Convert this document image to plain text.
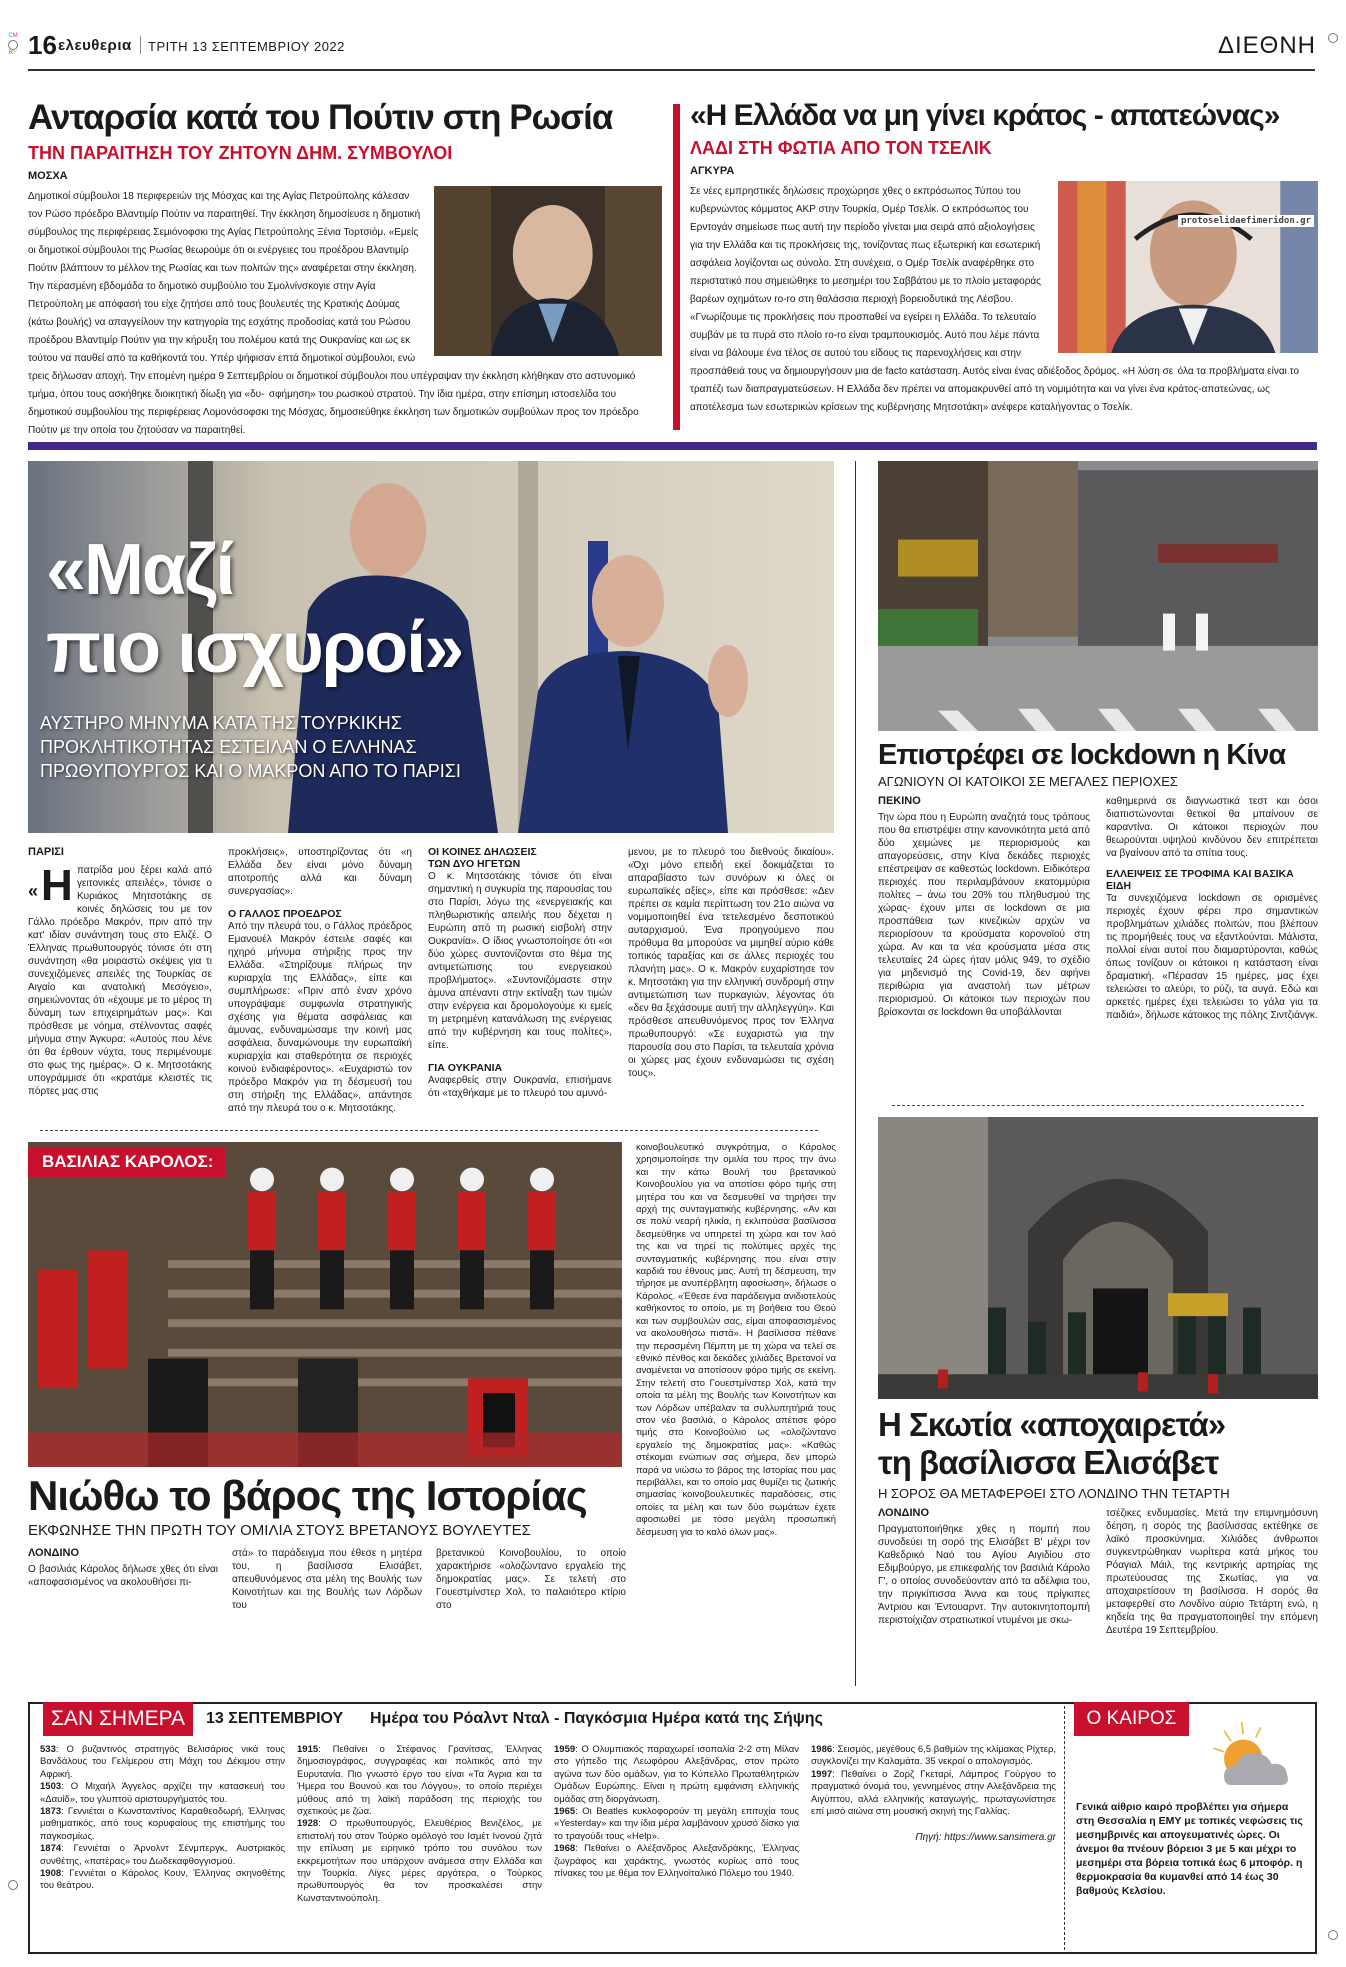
CM
KY 16 ελευθερια ΤΡΙΤΗ 13 ΣΕΠΤΕΜΒΡΙΟΥ 2022	ΔΙΕΘΝΗ
Ανταρσία κατά του Πούτιν στη Ρωσία
ΤΗΝ ΠΑΡΑΙΤΗΣΗ ΤΟΥ ΖΗΤΟΥΝ ΔΗΜ. ΣΥΜΒΟΥΛΟΙ
ΜΟΣΧΑ
Δημοτικοί σύμβουλοι 18 περιφερειών της Μόσχας και της Αγίας Πετρούπολης κάλεσαν τον Ρώσο πρόεδρο Βλαντιμίρ Πούτιν να παραιτηθεί. Την έκκληση δημοσίευσε η δημοτική σύμβουλος της περιφέρειας Σεμιόνοφσκι της Αγίας Πετρούπολης Ξένια Τορτσιόμ. «Εμείς οι δημοτικοί σύμβουλοι της Ρωσίας θεωρούμε ότι οι ενέργειες του προέδρου Βλαντιμίρ Πούτιν βλάπτουν το μέλλον της Ρωσίας και των πολιτών της» αναφέρεται στην έκκληση. Την περασμένη εβδομάδα το δημοτικό συμβούλιο του Σμολνίνσκογιε στην Αγία Πετρούπολη με απόφασή του είχε ζητήσει από τους βουλευτές της Κρατικής Δούμας (κάτω βουλής) να απαγγείλουν την κατηγορία της εσχάτης προδοσίας κατά του Ρώσου προέδρου Βλαντιμίρ Πούτιν για την κήρυξη του πολέμου κατά της Ουκρανίας και ως εκ τούτου να παυθεί από τα καθήκοντά του. Υπέρ ψήφισαν επτά δημοτικοί σύμβουλοι, ενώ τρεις δήλωσαν αποχή. Την επομένη ημέρα 9 Σεπτεμβρίου οι δημοτικοί σύμβουλοι που υπέγραψαν την έκκληση κλήθηκαν στο αστυνομικό τμήμα, όπου τους ασκήθηκε διοικητική δίωξη για «δυ- σφήμηση» του ρωσικού στρατού. Την ίδια ημέρα, στην επίσημη ιστοσελίδα του δημοτικού συμβουλίου της περιφέρειας Λομονόσοφσκι της Μόσχας, δημοσιεύθηκε έκκληση των δημοτικών συμβούλων προς τον πρόεδρο Πούτιν με την οποία του ζητούσαν να παραιτηθεί.
«Η Ελλάδα να μη γίνει κράτος - απατεώνας»
ΛΑΔΙ ΣΤΗ ΦΩΤΙΑ ΑΠΟ ΤΟΝ ΤΣΕΛΙΚ
ΑΓΚΥΡΑ
protoselidaefimeridon.gr
Σε νέες εμπρηστικές δηλώσεις προχώρησε χθες ο εκπρόσωπος Τύπου του κυβερνώντος κόμματος AKP στην Τουρκία, Ομέρ Τσελίκ. Ο εκπρόσωπος του Ερντογάν σημείωσε πως αυτή την περίοδο γίνεται μια σειρά από αξιολογήσεις για την Ελλάδα και τις προκλήσεις της, τονίζοντας πως εξωτερική και εσωτερική ασφάλεια λογίζονται ως σύνολο. Στη συνέχεια, ο Ομέρ Τσελίκ αναφέρθηκε στο περιστατικό που σημειώθηκε το μεσημέρι του Σαββάτου με το πλοίο μεταφοράς βαρέων οχημάτων ro-ro στη θαλάσσια περιοχή βορειοδυτικά της Λέσβου. «Γνωρίζουμε τις προκλήσεις που προσπαθεί να εγείρει η Ελλάδα. Το τελευταίο συμβάν με τα πυρά στο πλοίο ro-ro είναι τραμπουκισμός. Αυτό που λέμε πάντα είναι να βάλουμε ένα τέλος σε αυτού του είδους τις παρενοχλήσεις και στην προσπάθειά τους να δημιουργήσουν μια de facto κατάσταση. Αυτός είναι ένας αδιέξοδος δρόμος. «Η λύση σε όλα τα προβλήματα είναι το τραπέζι των διαπραγματεύσεων. Η Ελλάδα δεν πρέπει να απομακρυνθεί από τη νομιμότητα και να γίνει ένα κράτος-απατεώνας, ως αποτέλεσμα των εσωτερικών κρίσεων της κυβέρνησης Μητσοτάκη» ανέφερε καταλήγοντας ο Τσελίκ.
«Μαζί
πιο ισχυροί»
ΑΥΣΤΗΡΟ ΜΗΝΥΜΑ ΚΑΤΑ ΤΗΣ ΤΟΥΡΚΙΚΗΣ ΠΡΟΚΛΗΤΙΚΟΤΗΤΑΣ ΕΣΤΕΙΛΑΝ Ο ΕΛΛΗΝΑΣ ΠΡΩΘΥΠΟΥΡΓΟΣ ΚΑΙ Ο ΜΑΚΡΟΝ ΑΠΟ ΤΟ ΠΑΡΙΣΙ
ΠΑΡΙΣΙ
« Η πατρίδα μου ξέρει καλά από γειτονικές απειλές», τόνισε ο Κυριάκος Μητσοτάκης σε κοινές δηλώσεις του με τον Γάλλο πρόεδρο Μακρόν, πριν από την κατ' ιδίαν συνάντηση τους στο Ελιζέ. Ο Έλληνας πρωθυπουργός τόνισε ότι στη συνάντηση «θα μοιραστώ σκέψεις για τι συνεχιζόμενες απειλές της Τουρκίας σε Αιγαίο και ανατολική Μεσόγειο», σημειώνοντας ότι «έχουμε με το μέρος τη δύναμη των επιχειρημάτων μας». Και πρόσθεσε με νόημα, στέλνοντας σαφές μήνυμα στην Άγκυρα: «Αυτούς που λένε ότι θα έρθουν νύχτα, τους περιμένουμε στο φως της ημέρας». Ο κ. Μητσοτάκης υπογράμμισε ότι «κρατάμε κλειστές τις πόρτες μας στις
προκλήσεις», υποστηρίζοντας ότι «η Ελλάδα δεν είναι μόνο δύναμη αποτροπής αλλά και δύναμη συνεργασίας».
Ο ΓΑΛΛΟΣ ΠΡΟΕΔΡΟΣ
Από την πλευρά του, ο Γάλλος πρόεδρος Εμανουέλ Μακρόν έστειλε σαφές και ηχηρό μήνυμα στήριξης προς την Ελλάδα. «Στηρίζουμε πλήρως την κυριαρχία της Ελλάδας», είπε και συμπλήρωσε: «Πριν από έναν χρόνο υπογράψαμε συμφωνία στρατηγικής σχέσης για θέματα ασφάλειας και άμυνας, ενδυναμώσαμε την κοινή μας ασφάλεια, δυναμώνουμε την ευρωπαϊκή κυριαρχία και σταθερότητα σε περιοχές κοινού ενδιαφέροντος». «Ευχαριστώ τον πρόεδρο Μακρόν για τη δέσμευσή του στη στήριξη της Ελλάδας», απάντησε από την πλευρά του ο κ. Μητσοτάκης.
ΟΙ ΚΟΙΝΕΣ ΔΗΛΩΣΕΙΣ
ΤΩΝ ΔΥΟ ΗΓΕΤΩΝ
Ο κ. Μητσοτάκης τόνισε ότι είναι σημαντική η συγκυρία της παρουσίας του στο Παρίσι, λόγω της «ενεργειακής και πληθωριστικής απειλής που δέχεται η Ευρώπη από τη ρωσική εισβολή στην Ουκρανία». Ο ίδιος γνωστοποίησε ότι «οι δύο χώρες συντονίζονται στο θέμα της αντιμετώπισης του ενεργειακού προβλήματος». «Συντονιζόμαστε στην άμυνα απέναντι στην εκτίναξη των τιμών στην ενέργεια και δρομολογούμε κι εμείς τη μετρημένη κατανάλωση της ενέργειας από την κυβέρνηση και τους πολίτες», είπε.
ΓΙΑ ΟΥΚΡΑΝΙΑ
Αναφερθείς στην Ουκρανία, επισήμανε ότι «ταχθήκαμε με το πλευρό του αμυνό-
μενου, με το πλευρό του διεθνούς δικαίου». «Όχι μόνο επειδή εκεί δοκιμάζεται το απαραβίαστο των συνόρων κι όλες οι ευρωπαϊκές αξίες», είπε και πρόσθεσε: «Δεν πρέπει σε καμία περίπτωση τον 21ο αιώνα να νομιμοποιηθεί ένα τετελεσμένο δεσποτικού αυταρχισμού. Ένα προηγούμενο που πρόθυμα θα μπορούσε να μιμηθεί αύριο κάθε τοπικός ταραξίας και σε άλλες περιοχές του πλανήτη μας». Ο κ. Μακρόν ευχαρίστησε τον κ. Μητσοτάκη για την ελληνική συνδρομή στην αντιμετώπιση των πυρκαγιών, λέγοντας ότι «δεν θα ξεχάσουμε αυτή την αλληλεγγύη». Και πρόσθεσε απευθυνόμενος προς τον Έλληνα πρωθυπουργό: «Σε ευχαριστώ για την παρουσία σου στο Παρίσι, τα τελευταία χρόνια οι χώρες μας έχουν ενδυναμώσει τις σχέση τους».
Επιστρέφει σε lockdown η Κίνα
ΑΓΩΝΙΟΥΝ ΟΙ ΚΑΤΟΙΚΟΙ ΣΕ ΜΕΓΑΛΕΣ ΠΕΡΙΟΧΕΣ
ΠΕΚΙΝΟ
Την ώρα που η Ευρώπη αναζητά τους τρόπους που θα επιστρέψει στην κανονικότητα μετά από δύο χειμώνες με περιορισμούς και απαγορεύσεις, στην Κίνα δεκάδες περιοχές επέστρεψαν σε καθεστώς lockdown. Ειδικότερα περιοχές που περιλαμβάνουν εκατομμύρια πολίτες – άνω του 20% του πληθυσμού της χώρας- έχουν μπει σε lockdown σε μια προσπάθεια των κινεζικών αρχών να περιορίσουν τα κρούσματα κορονοϊού στη χώρα. Αν και τα νέα κρούσματα μέσα στις τελευταίες 24 ώρες ήταν μόλις 949, το σχέδιο για μηδενισμό της Covid-19, δεν αφήνει περιθώρια για αναστολή των μέτρων περιορισμού. Οι κάτοικοι των περιοχών που βρίσκονται σε lockdown θα υποβάλλονται
καθημερινά σε διαγνωστικά τεστ και όσοι διαπιστώνονται θετικοί θα μπαίνουν σε καραντίνα. Οι κάτοικοι περιοχών που θεωρούνται υψηλού κινδύνου δεν επιτρέπεται να βγαίνουν από τα σπίτια τους.
ΕΛΛΕΙΨΕΙΣ ΣΕ ΤΡΟΦΙΜΑ ΚΑΙ ΒΑΣΙΚΑ ΕΙΔΗ
Τα συνεχιζόμενα lockdown σε ορισμένες περιοχές έχουν φέρει προ σημαντικών προβλημάτων χιλιάδες πολιτών, που βλέπουν τις προμήθειές τους να εξαντλούνται. Μάλιστα, πολλοί είναι αυτοί που διαμαρτύρονται, καθώς όπως τονίζουν οι κάτοικοι η κατάσταση είναι δραματική. «Πέρασαν 15 ημέρες, μας έχει τελειώσει το αλεύρι, το ρύζι, τα αυγά. Εδώ και αρκετές ημέρες έχει τελειώσει το γάλα για τα παιδιά», δήλωσε κάτοικος της πόλης Σιντζιάνγκ.
ΒΑΣΙΛΙΑΣ ΚΑΡΟΛΟΣ:
κοινοβουλευτικό συγκρότημα, ο Κάρολος χρησιμοποίησε την ομιλία του προς την άνω και την κάτω Βουλή του βρετανικού Κοινοβουλίου για να αποτίσει φόρο τιμής στη μητέρα του και να δεσμευθεί να τηρήσει την αρχή της συνταγματικής κυβέρνησης. «Αν και σε πολύ νεαρή ηλικία, η εκλιπούσα βασίλισσα δεσμεύθηκε να υπηρετεί τη χώρα και τον λαό της και να τηρεί τις πολύτιμες αρχές της συνταγματικής κυβέρνησης που είναι στην καρδιά του έθνους μας. Αυτή τη δέσμευση, την τήρησε με ανυπέρβλητη αφοσίωση», δήλωσε ο Κάρολος. «Έθεσε ένα παράδειγμα ανιδιοτελούς καθήκοντος το οποίο, με τη βοήθεια του Θεού και των συμβουλών σας, είμαι αποφασισμένος να ακολουθήσω πιστά». Η βασίλισσα πέθανε την περασμένη Πέμπτη με τη χώρα να τελεί σε εθνικό πένθος και δεκάδες χιλιάδες Βρετανοί να αναμένεται να αποτίσουν φόρο τιμής σε εκείνη. Στην τελετή στο Γουεστμίνστερ Χολ, κατά την οποία τα μέλη της Βουλής των Κοινοτήτων και των Λόρδων υπέβαλαν τα συλλυπητήριά τους στον νέο βασιλιά, ο Κάρολος απέτισε φόρο τιμής στο Κοινοβούλιο ως «ολοζώντανο εργαλείο της δημοκρατίας μας». «Καθώς στέκομαι ενώπιων σας σήμερα, δεν μπορώ παρά να νιώσω το βάρος της Ιστορίας που μας περιβάλλει, και το οποίο μας θυμίζει τις ζωτικής σημασίας κοινοβουλευτικές παραδόσεις, στις οποίες τα μέλη και των δύο σωμάτων έχετε αφοσιωθεί με τόσο μεγάλη προσωπική δέσμευση για το καλό όλων μας».
Νιώθω το βάρος της Ιστορίας
ΕΚΦΩΝΗΣΕ ΤΗΝ ΠΡΩΤΗ ΤΟΥ ΟΜΙΛΙΑ ΣΤΟΥΣ ΒΡΕΤΑΝΟΥΣ ΒΟΥΛΕΥΤΕΣ
ΛΟΝΔΙΝΟ
Ο βασιλιάς Κάρολος δήλωσε χθες ότι είναι «αποφασισμένος να ακολουθήσει πι-
στά» το παράδειγμα που έθεσε η μητέρα του, η βασίλισσα Ελισάβετ, απευθυνόμενος στα μέλη της Βουλής των Κοινοτήτων και της Βουλής των Λόρδων του
βρετανικού Κοινοβουλίου, το οποίο χαρακτήρισε «ολοζώντανο εργαλείο της δημοκρατίας μας». Σε τελετή στο Γουεστμίνστερ Χολ, το παλαιότερο κτίριο στο
Η Σκωτία «αποχαιρετά»
τη βασίλισσα Ελισάβετ
Η ΣΟΡΟΣ ΘΑ ΜΕΤΑΦΕΡΘΕΙ ΣΤΟ ΛΟΝΔΙΝΟ ΤΗΝ ΤΕΤΑΡΤΗ
ΛΟΝΔΙΝΟ
Πραγματοποιήθηκε χθες η πομπή που συνοδεύει τη σορό της Ελισάβετ Β' μέχρι τον Καθεδρικό Ναό του Αγίου Αιγιδίου στο Εδιμβούργο, με επικεφαλής τον βασιλιά Κάρολο Γ', ο οποίος συνοδεύονταν από τα αδέλφια του, την πριγκίπισσα Άννα και τους πρίγκιπες Άντριου και Έντουαρντ. Την αυτοκινητοπομπή περιστοίχιζαν στρατιωτικοί ντυμένοι με σκω-
τσέζικες ενδυμασίες. Μετά την επιμνημόσυνη δέηση, η σορός της βασίλισσας εκτέθηκε σε λαϊκό προσκύνημα. Χιλιάδες άνθρωποι συγκεντρώθηκαν νωρίτερα κατά μήκος του Ρόαγιαλ Μάιλ, της κεντρικής αρτηρίας της πρωτεύουσας της Σκωτίας, για να αποχαιρετίσουν τη βασίλισσα. Η σορός θα μεταφερθεί στο Λονδίνο αύριο Τετάρτη ενώ, η κηδεία της θα πραγματοποιηθεί την επόμενη Δευτέρα 19 Σεπτεμβρίου.
ΣΑΝ ΣΗΜΕΡΑ	13 ΣΕΠΤΕΜΒΡΙΟΥ Ημέρα του Ρόαλντ Νταλ - Παγκόσμια Ημέρα κατά της Σήψης
533: Ο βυζαντινός στρατηγός Βελισάριος νικά τους Βανδάλους του Γελίμερου στη Μάχη του Δέκιμου στην Αφρική.
1503: Ο Μιχαήλ Άγγελος αρχίζει την κατασκευή του «Δαυίδ», του γλυπτού αριστουργήματός του.
1873: Γεννιέται ο Κωνσταντίνος Καραθεοδωρή, Έλληνας μαθηματικός, από τους κορυφαίους της επιστήμης του παγκοσμίως.
1874: Γεννιέται ο Άρνολντ Σένμπεργκ, Αυστριακός συνθέτης, «πατέρας» του Δωδεκαφθογγισμού.
1908: Γεννιέται ο Κάρολος Κουν, Έλληνας σκηνοθέτης του θεάτρου.
1915: Πεθαίνει ο Στέφανος Γρανίτσας, Έλληνας δημοσιογράφος, συγγραφέας και πολιτικός από την Ευρυτανία. Πιο γνωστό έργο του είναι «Τα Άγρια και τα Ήμερα του Βουνού και του Λόγγου», το οποίο περιέχει μύθους από τη λαϊκή παράδοση της περιοχής του σχετικούς με ζώα.
1928: Ο πρωθυπουργός, Ελευθέριος Βενιζέλος, με επιστολή του στον Τούρκο ομόλογό του Ισμέτ Ινονού ζητά την επίλυση με ειρηνικό τρόπο του συνόλου των εκκρεμοτήτων που υπάρχουν ανάμεσα στην Ελλάδα και την Τουρκία. Λίγες μέρες αργότερα, ο Τούρκος πρωθυπουργός θα τον προσκαλέσει στην Κωνσταντινούπολη.
1959: Ο Ολυμπιακός παραχωρεί ισοπαλία 2-2 στη Μίλαν στο γήπεδο της Λεωφόρου Αλεξάνδρας, στον πρώτο αγώνα των δύο ομάδων, για το Κύπελλο Πρωταθλητριών Ομάδων Ευρώπης. Είναι η πρώτη εμφάνιση ελληνικής ομάδας στη διοργάνωση.
1965: Οι Beatles κυκλοφορούν τη μεγάλη επιτυχία τους «Yesterday» και την ίδια μέρα λαμβάνουν χρυσό δίσκο για το τραγούδι τους «Help».
1968: Πεθαίνει ο Αλέξανδρος Αλεξανδράκης, Έλληνας ζωγράφος και χαράκτης, γνωστός κυρίως από τους πίνακες του με θέμα τον Ελληνοϊταλικό Πόλεμο του 1940.
1986: Σεισμός, μεγέθους 6,5 βαθμών της κλίμακας Ρίχτερ, συγκλονίζει την Καλαμάτα. 35 νεκροί ο απολογισμός.
1997: Πεθαίνει ο Ζορζ Γκεταρί, Λάμπρος Γούργου το πραγματικό όνομά του, γεννημένος στην Αλεξάνδρεια της Αιγύπτου, αλλά ελληνικής καταγωγής, πρωταγωνίστησε επί μισό αιώνα στη μουσική σκηνή της Γαλλίας.
Πηγή: https://www.sansimera.gr
Ο ΚΑΙΡΟΣ
Γενικά αίθριο καιρό προβλέπει για σήμερα στη Θεσσαλία η ΕΜΥ με τοπικές νεφώσεις τις μεσημβρινές και απογευματινές ώρες. Οι άνεμοι θα πνέουν βόρειοι 3 με 5 και μέχρι το μεσημέρι στα βόρεια τοπικά έως 6 μποφόρ. η θερμοκρασία θα κυμανθεί από 14 έως 30 βαθμούς Κελσίου.
